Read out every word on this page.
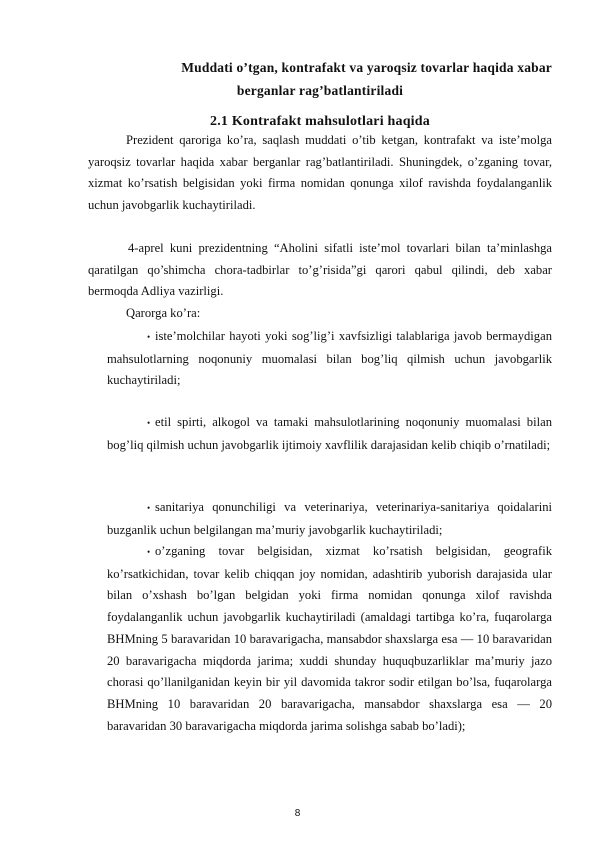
Muddati o’tgan, kontrafakt va yaroqsiz tovarlar haqida xabar
berganlar rag’batlantiriladi
2.1 Kontrafakt mahsulotlari haqida

Prezident qaroriga ko’ra, saqlash muddati o’tib ketgan, kontrafakt va iste’molga yaroqsiz tovarlar haqida xabar berganlar rag’batlantiriladi. Shuningdek, o’zganing tovar, xizmat ko’rsatish belgisidan yoki firma nomidan qonunga xilof ravishda foydalanganlik uchun javobgarlik kuchaytiriladi.

4-aprel kuni prezidentning “Aholini sifatli iste’mol tovarlari bilan ta’minlashga qaratilgan qo’shimcha chora-tadbirlar to’g’risida”gi qarori qabul qilindi, deb xabar bermoqda Adliya vazirligi.

Qarorga ko’ra:

• iste’molchilar hayoti yoki sog’lig’i xavfsizligi talablariga javob bermaydigan mahsulotlarning noqonuniy muomalasi bilan bog’liq qilmish uchun javobgarlik kuchaytiriladi;

• etil spirti, alkogol va tamaki mahsulotlarining noqonuniy muomalasi bilan bog’liq qilmish uchun javobgarlik ijtimoiy xavflilik darajasidan kelib chiqib o’rnatiladi;

• sanitariya qonunchiligi va veterinariya, veterinariya-sanitariya qoidalarini buzganlik uchun belgilangan ma’muriy javobgarlik kuchaytiriladi;

• o’zganing tovar belgisidan, xizmat ko’rsatish belgisidan, geografik ko’rsatkichidan, tovar kelib chiqqan joy nomidan, adashtirib yuborish darajasida ular bilan o’xshash bo’lgan belgidan yoki firma nomidan qonunga xilof ravishda foydalanganlik uchun javobgarlik kuchaytiriladi (amaldagi tartibga ko’ra, fuqarolarga BHMning 5 baravaridan 10 baravarigacha, mansabdor shaxslarga esa — 10 baravaridan 20 baravarigacha miqdorda jarima; xuddi shunday huquqbuzarliklar ma’muriy jazo chorasi qo’llanilganidan keyin bir yil davomida takror sodir etilgan bo’lsa, fuqarolarga BHMning 10 baravaridan 20 baravarigacha, mansabdor shaxslarga esa — 20 baravaridan 30 baravarigacha miqdorda jarima solishga sabab bo’ladi);

8
